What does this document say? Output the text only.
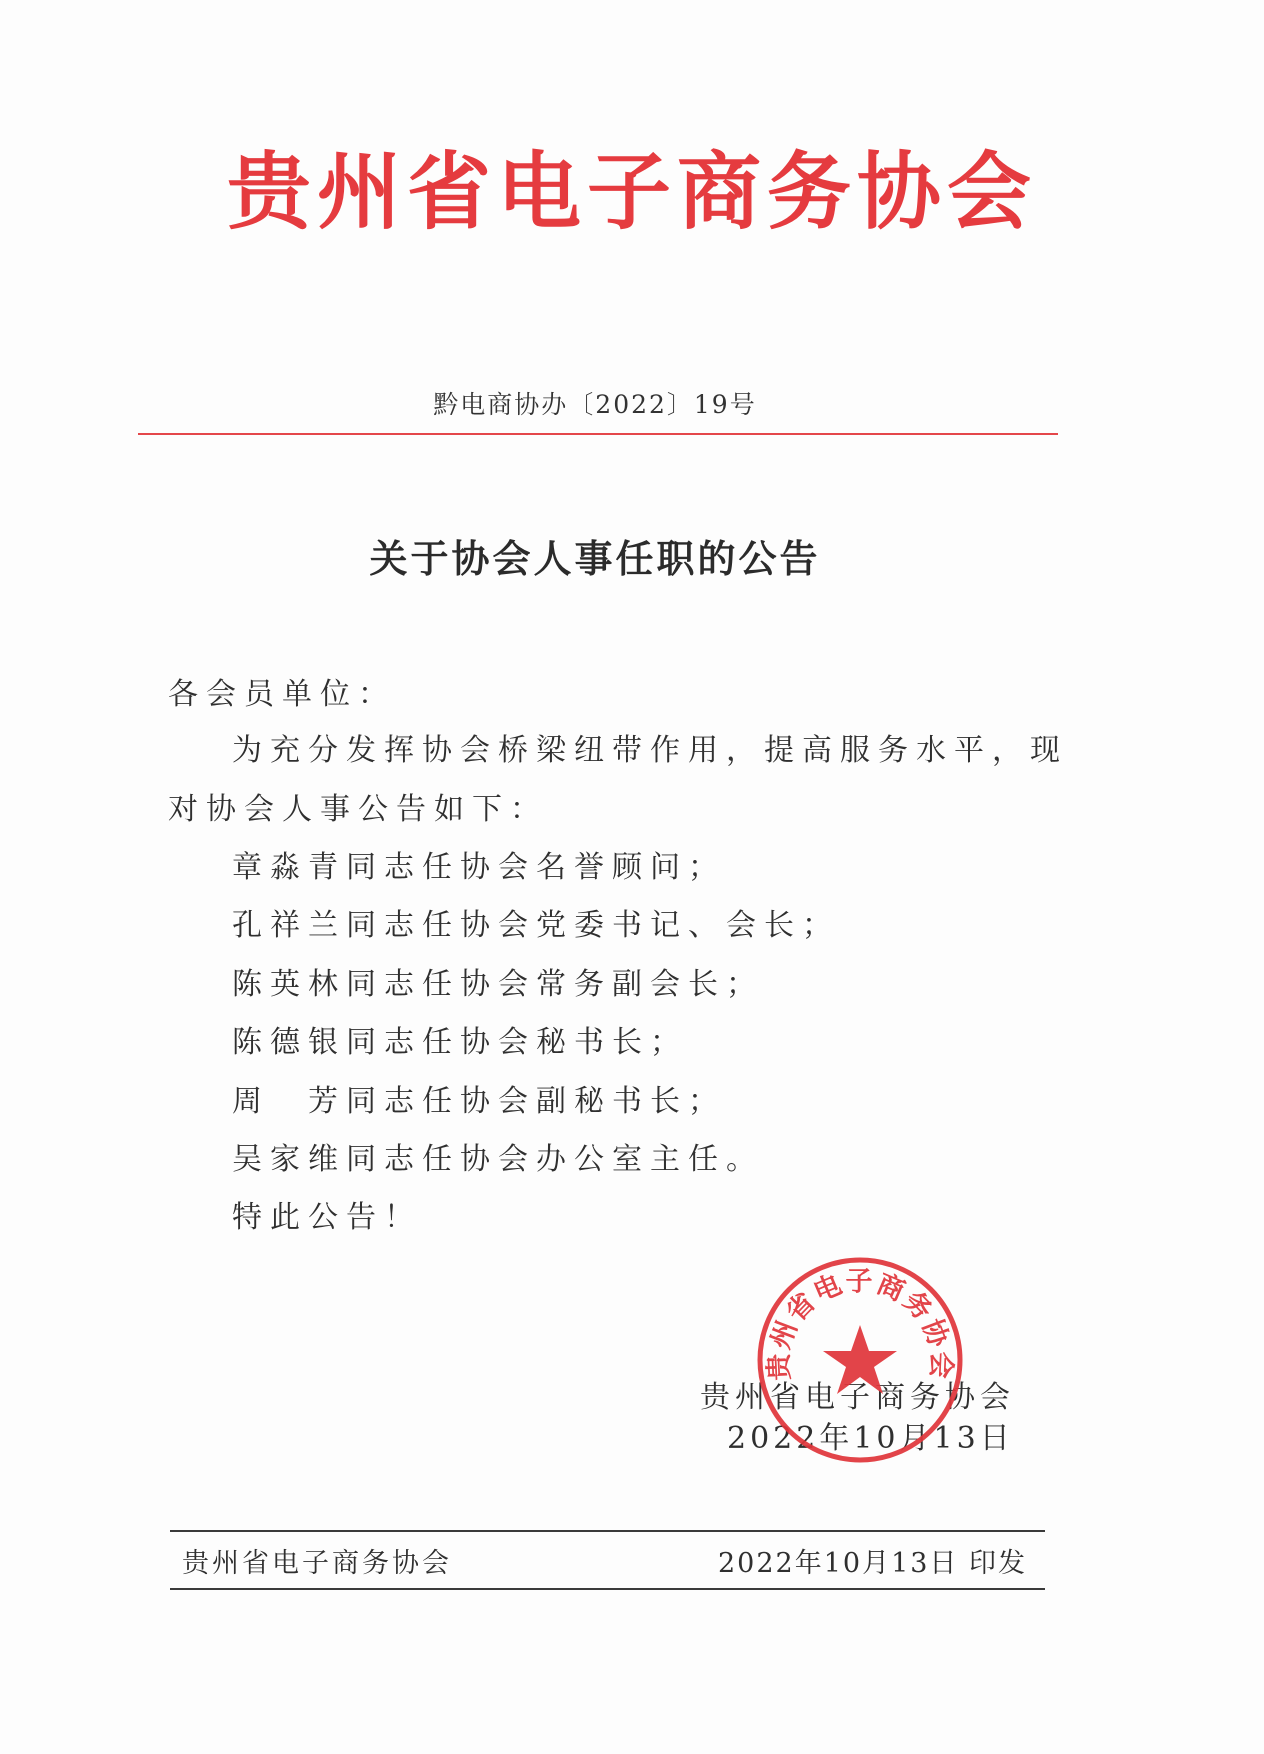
贵州省电子商务协会
黔电商协办〔2022〕19号
关于协会人事任职的公告
各会员单位：
为充分发挥协会桥梁纽带作用，提高服务水平，现
对协会人事公告如下：
章淼青同志任协会名誉顾问；
孔祥兰同志任协会党委书记、会长；
陈英林同志任协会常务副会长；
陈德银同志任协会秘书长；
周　芳同志任协会副秘书长；
吴家维同志任协会办公室主任。
特此公告！
贵州省电子商务协会
2022年10月13日
贵州省电子商务协会
贵州省电子商务协会	2022年10月13日 印发
